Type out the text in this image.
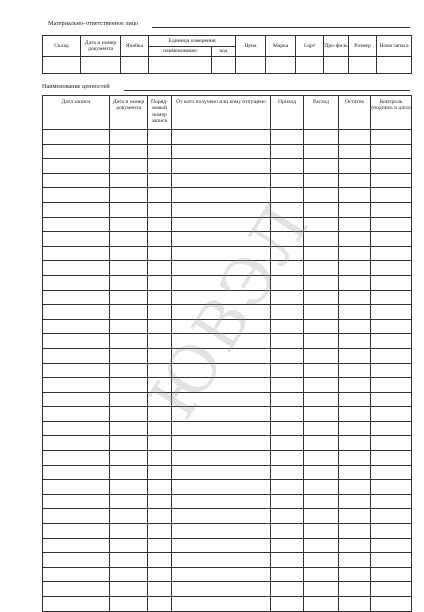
Материально–ответственное лицо
Склад	Дата и номер документа	Ячейка	Единица измерения		Цена	Марка	Сорт	Про-филь	Размер	Нома запаса
			наименование	код						

Наименование ценностей
Дата записи	Дата и номер документа	Поряд-ковый номер записи	От кого получено или кому отпущено	Приход	Расход	Остаток	Контроль (подпись и дата)

ЮВЭЛ
